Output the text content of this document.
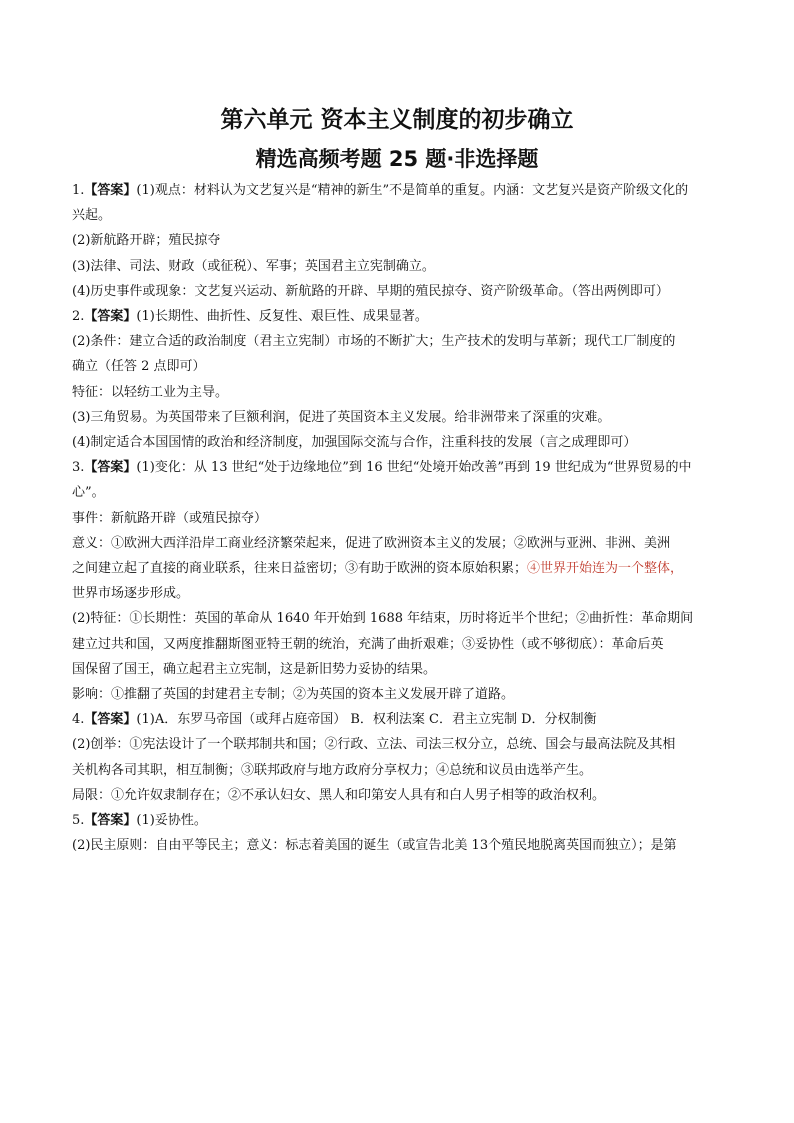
第六单元 资本主义制度的初步确立
精选高频考题 25 题·非选择题

1.【答案】(1)观点：材料认为文艺复兴是“精神的新生”不是简单的重复。内涵：文艺复兴是资产阶级文化的

兴起。

(2)新航路开辟；殖民掠夺

(3)法律、司法、财政（或征税）、军事；英国君主立宪制确立。

(4)历史事件或现象：文艺复兴运动、新航路的开辟、早期的殖民掠夺、资产阶级革命。（答出两例即可）

2.【答案】(1)长期性、曲折性、反复性、艰巨性、成果显著。

(2)条件：建立合适的政治制度（君主立宪制）市场的不断扩大；生产技术的发明与革新；现代工厂制度的

确立（任答 2 点即可）

特征：以轻纺工业为主导。

(3)三角贸易。为英国带来了巨额利润，促进了英国资本主义发展。给非洲带来了深重的灾难。

(4)制定适合本国国情的政治和经济制度，加强国际交流与合作，注重科技的发展（言之成理即可）

3.【答案】(1)变化：从 13 世纪“处于边缘地位”到 16 世纪“处境开始改善”再到 19 世纪成为“世界贸易的中

心”。

事件：新航路开辟（或殖民掠夺）

意义：①欧洲大西洋沿岸工商业经济繁荣起来，促进了欧洲资本主义的发展；②欧洲与亚洲、非洲、美洲

之间建立起了直接的商业联系，往来日益密切；③有助于欧洲的资本原始积累；④世界开始连为一个整体，

世界市场逐步形成。

(2)特征：①长期性：英国的革命从 1640 年开始到 1688 年结束，历时将近半个世纪；②曲折性：革命期间

建立过共和国，又两度推翻斯图亚特王朝的统治，充满了曲折艰难；③妥协性（或不够彻底）：革命后英

国保留了国王，确立起君主立宪制，这是新旧势力妥协的结果。

影响：①推翻了英国的封建君主专制；②为英国的资本主义发展开辟了道路。

4.【答案】(1)A．东罗马帝国（或拜占庭帝国） B．权利法案 C．君主立宪制 D．分权制衡

(2)创举：①宪法设计了一个联邦制共和国；②行政、立法、司法三权分立，总统、国会与最高法院及其相

关机构各司其职，相互制衡；③联邦政府与地方政府分享权力；④总统和议员由选举产生。

局限：①允许奴隶制存在；②不承认妇女、黑人和印第安人具有和白人男子相等的政治权利。

5.【答案】(1)妥协性。

(2)民主原则：自由平等民主；意义：标志着美国的诞生（或宣告北美 13个殖民地脱离英国而独立）；是第
